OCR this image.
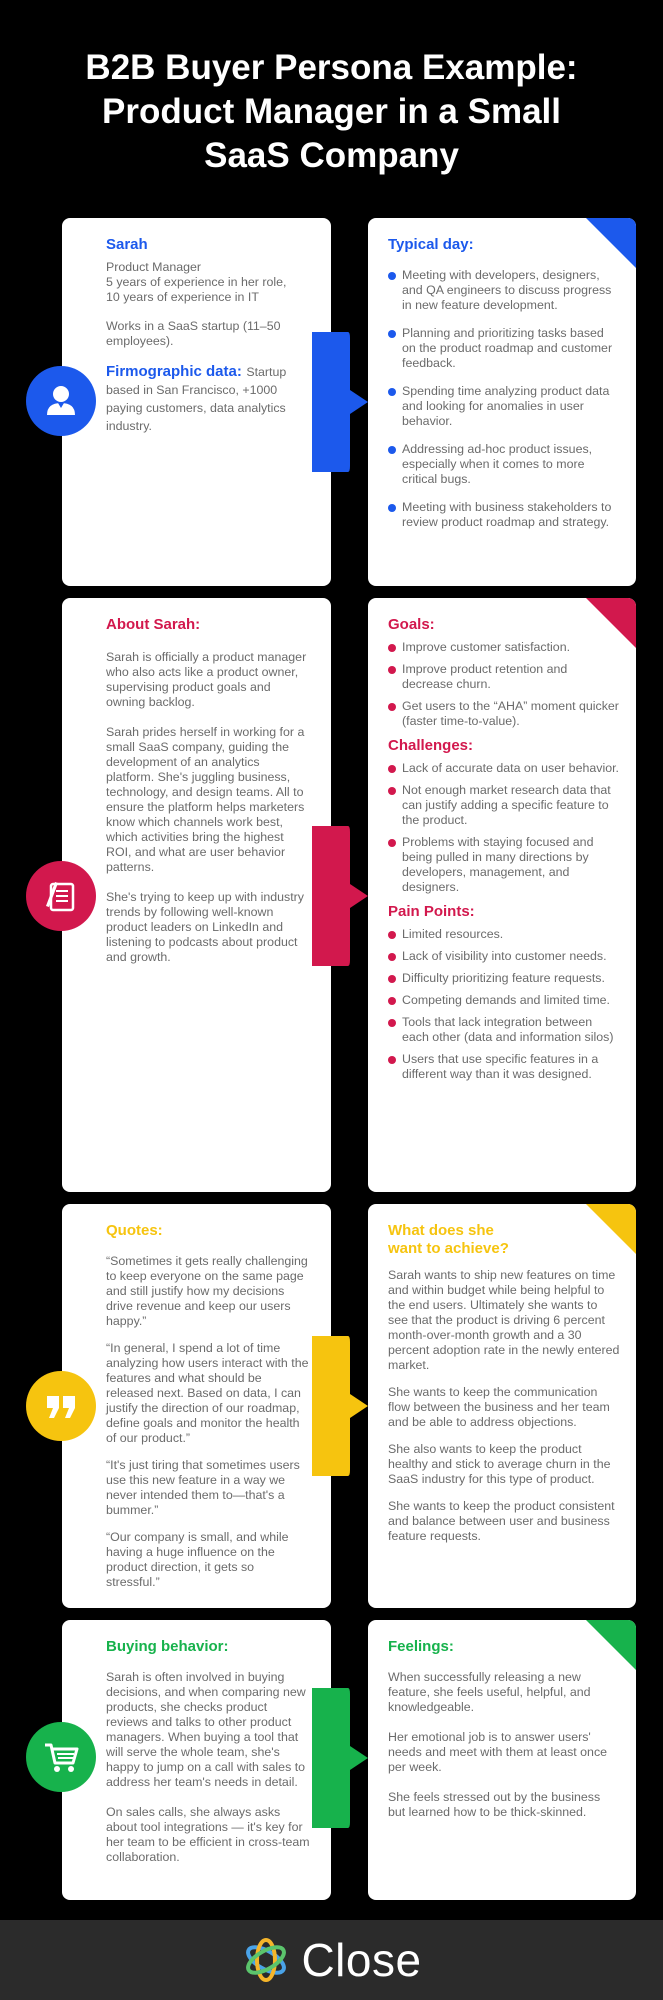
B2B Buyer Persona Example:
Product Manager in a Small
SaaS Company
Sarah
Product Manager
5 years of experience in her role,
10 years of experience in IT
Works in a SaaS startup (11–50 employees).
Firmographic data: Startup based in San Francisco, +1000 paying customers, data analytics industry.
Typical day:
Meeting with developers, designers, and QA engineers to discuss progress in new feature development.
Planning and prioritizing tasks based on the product roadmap and customer feedback.
Spending time analyzing product data and looking for anomalies in user behavior.
Addressing ad-hoc product issues, especially when it comes to more critical bugs.
Meeting with business stakeholders to review product roadmap and strategy.
About Sarah:
Sarah is officially a product manager who also acts like a product owner, supervising product goals and owning backlog.
Sarah prides herself in working for a small SaaS company, guiding the development of an analytics platform. She's juggling business, technology, and design teams. All to ensure the platform helps marketers know which channels work best, which activities bring the highest ROI, and what are user behavior patterns.
She's trying to keep up with industry trends by following well-known product leaders on LinkedIn and listening to podcasts about product and growth.
Goals:
Improve customer satisfaction.
Improve product retention and decrease churn.
Get users to the “AHA” moment quicker (faster time-to-value).
Challenges:
Lack of accurate data on user behavior.
Not enough market research data that can justify adding a specific feature to the product.
Problems with staying focused and being pulled in many directions by developers, management, and designers.
Pain Points:
Limited resources.
Lack of visibility into customer needs.
Difficulty prioritizing feature requests.
Competing demands and limited time.
Tools that lack integration between each other (data and information silos)
Users that use specific features in a different way than it was designed.
Quotes:
“Sometimes it gets really challenging to keep everyone on the same page and still justify how my decisions drive revenue and keep our users happy.”
“In general, I spend a lot of time analyzing how users interact with the features and what should be released next. Based on data, I can justify the direction of our roadmap, define goals and monitor the health of our product.”
“It's just tiring that sometimes users use this new feature in a way we never intended them to—that's a bummer.”
“Our company is small, and while having a huge influence on the product direction, it gets so stressful.”
What does she want to achieve?
Sarah wants to ship new features on time and within budget while being helpful to the end users. Ultimately she wants to see that the product is driving 6 percent month-over-month growth and a 30 percent adoption rate in the newly entered market.
She wants to keep the communication flow between the business and her team and be able to address objections.
She also wants to keep the product healthy and stick to average churn in the SaaS industry for this type of product.
She wants to keep the product consistent and balance between user and business feature requests.
Buying behavior:
Sarah is often involved in buying decisions, and when comparing new products, she checks product reviews and talks to other product managers. When buying a tool that will serve the whole team, she's happy to jump on a call with sales to address her team's needs in detail.
On sales calls, she always asks about tool integrations — it's key for her team to be efficient in cross-team collaboration.
Feelings:
When successfully releasing a new feature, she feels useful, helpful, and knowledgeable.
Her emotional job is to answer users' needs and meet with them at least once per week.
She feels stressed out by the business but learned how to be thick-skinned.
Close
